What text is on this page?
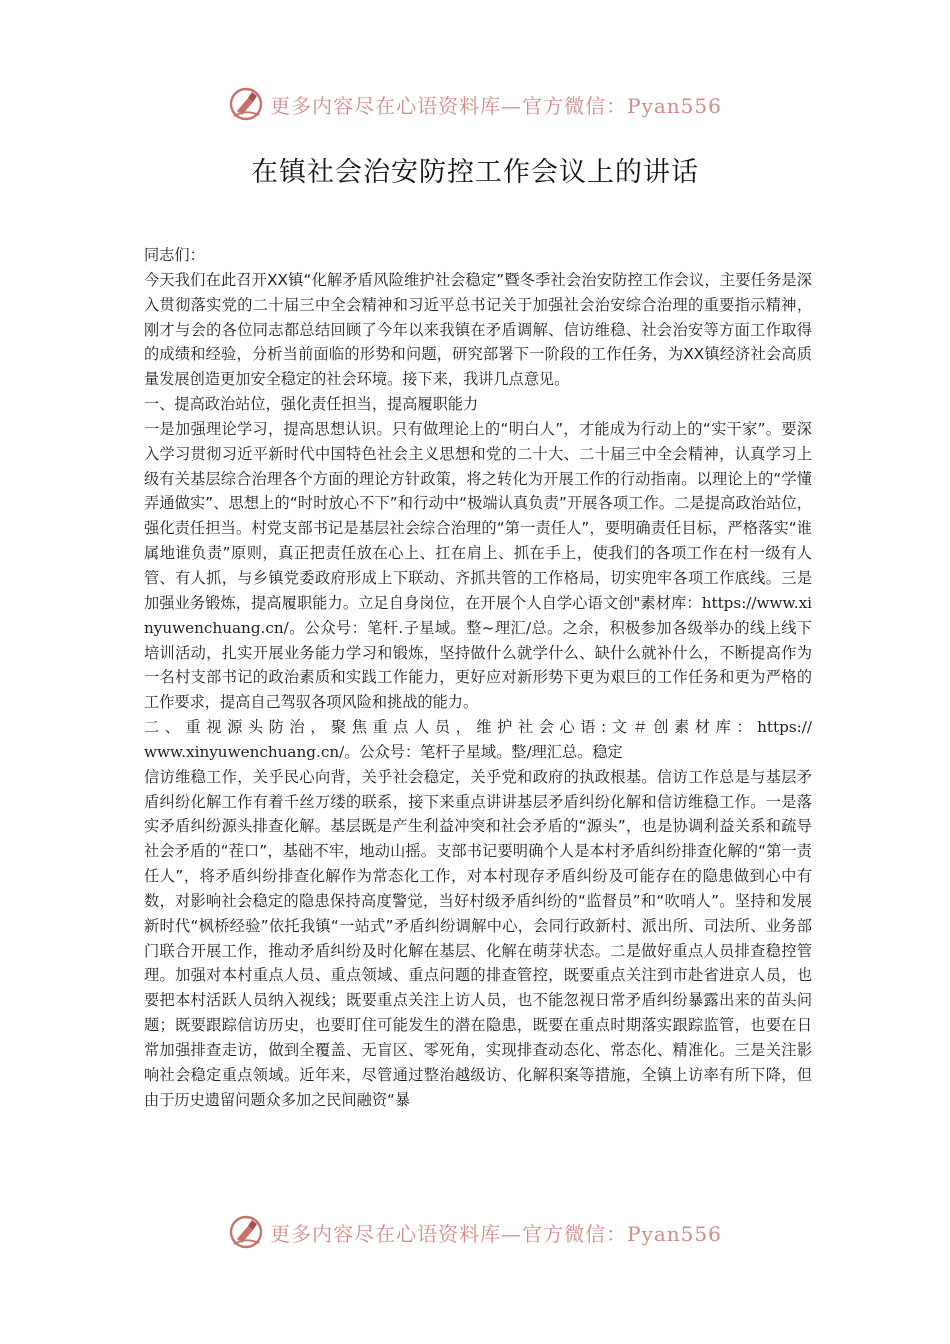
更多内容尽在心语资料库—官方微信：Pyan556
在镇社会治安防控工作会议上的讲话

同志们：

今天我们在此召开XX镇“化解矛盾风险维护社会稳定”暨冬季社会治安防控工作会议，主要任务是深入贯彻落实党的二十届三中全会精神和习近平总书记关于加强社会治安综合治理的重要指示精神，刚才与会的各位同志都总结回顾了今年以来我镇在矛盾调解、信访维稳、社会治安等方面工作取得的成绩和经验，分析当前面临的形势和问题，研究部署下一阶段的工作任务，为XX镇经济社会高质量发展创造更加安全稳定的社会环境。接下来，我讲几点意见。

一、提高政治站位，强化责任担当，提高履职能力

一是加强理论学习，提高思想认识。只有做理论上的“明白人”，才能成为行动上的“实干家”。要深入学习贯彻习近平新时代中国特色社会主义思想和党的二十大、二十届三中全会精神，认真学习上级有关基层综合治理各个方面的理论方针政策，将之转化为开展工作的行动指南。以理论上的“学懂弄通做实”、思想上的“时时放心不下”和行动中“极端认真负责”开展各项工作。二是提高政治站位，强化责任担当。村党支部书记是基层社会综合治理的“第一责任人”，要明确责任目标，严格落实“谁属地谁负责”原则，真正把责任放在心上、扛在肩上、抓在手上，使我们的各项工作在村一级有人管、有人抓，与乡镇党委政府形成上下联动、齐抓共管的工作格局，切实兜牢各项工作底线。三是加强业务锻炼，提高履职能力。立足自身岗位，在开展个人自学心语文创"素材库：https://www.xinyuwenchuang.cn/。公众号：笔杆.子星域。整~理汇/总。之余，积极参加各级举办的线上线下培训活动，扎实开展业务能力学习和锻炼，坚持做什么就学什么、缺什么就补什么，不断提高作为一名村支部书记的政治素质和实践工作能力，更好应对新形势下更为艰巨的工作任务和更为严格的工作要求，提高自己驾驭各项风险和挑战的能力。

二、重视源头防治，聚焦重点人员，维护社会心语:文＃创素材库：https://www.xinyuwenchuang.cn/。公众号：笔杆子星域。整/理汇总。稳定

信访维稳工作，关乎民心向背，关乎社会稳定，关乎党和政府的执政根基。信访工作总是与基层矛盾纠纷化解工作有着千丝万缕的联系，接下来重点讲讲基层矛盾纠纷化解和信访维稳工作。一是落实矛盾纠纷源头排查化解。基层既是产生利益冲突和社会矛盾的“源头”，也是协调利益关系和疏导社会矛盾的“茬口”，基础不牢，地动山摇。支部书记要明确个人是本村矛盾纠纷排查化解的“第一责任人”，将矛盾纠纷排查化解作为常态化工作，对本村现存矛盾纠纷及可能存在的隐患做到心中有数，对影响社会稳定的隐患保持高度警觉，当好村级矛盾纠纷的“监督员”和“吹哨人”。坚持和发展新时代“枫桥经验”依托我镇“一站式”矛盾纠纷调解中心，会同行政新村、派出所、司法所、业务部门联合开展工作，推动矛盾纠纷及时化解在基层、化解在萌芽状态。二是做好重点人员排查稳控管理。加强对本村重点人员、重点领域、重点问题的排查管控，既要重点关注到市赴省进京人员，也要把本村活跃人员纳入视线；既要重点关注上访人员，也不能忽视日常矛盾纠纷暴露出来的苗头问题；既要跟踪信访历史，也要盯住可能发生的潜在隐患，既要在重点时期落实跟踪监管，也要在日常加强排查走访，做到全覆盖、无盲区、零死角，实现排查动态化、常态化、精准化。三是关注影响社会稳定重点领域。近年来，尽管通过整治越级访、化解积案等措施，全镇上访率有所下降，但由于历史遗留问题众多加之民间融资“暴

更多内容尽在心语资料库—官方微信：Pyan556
